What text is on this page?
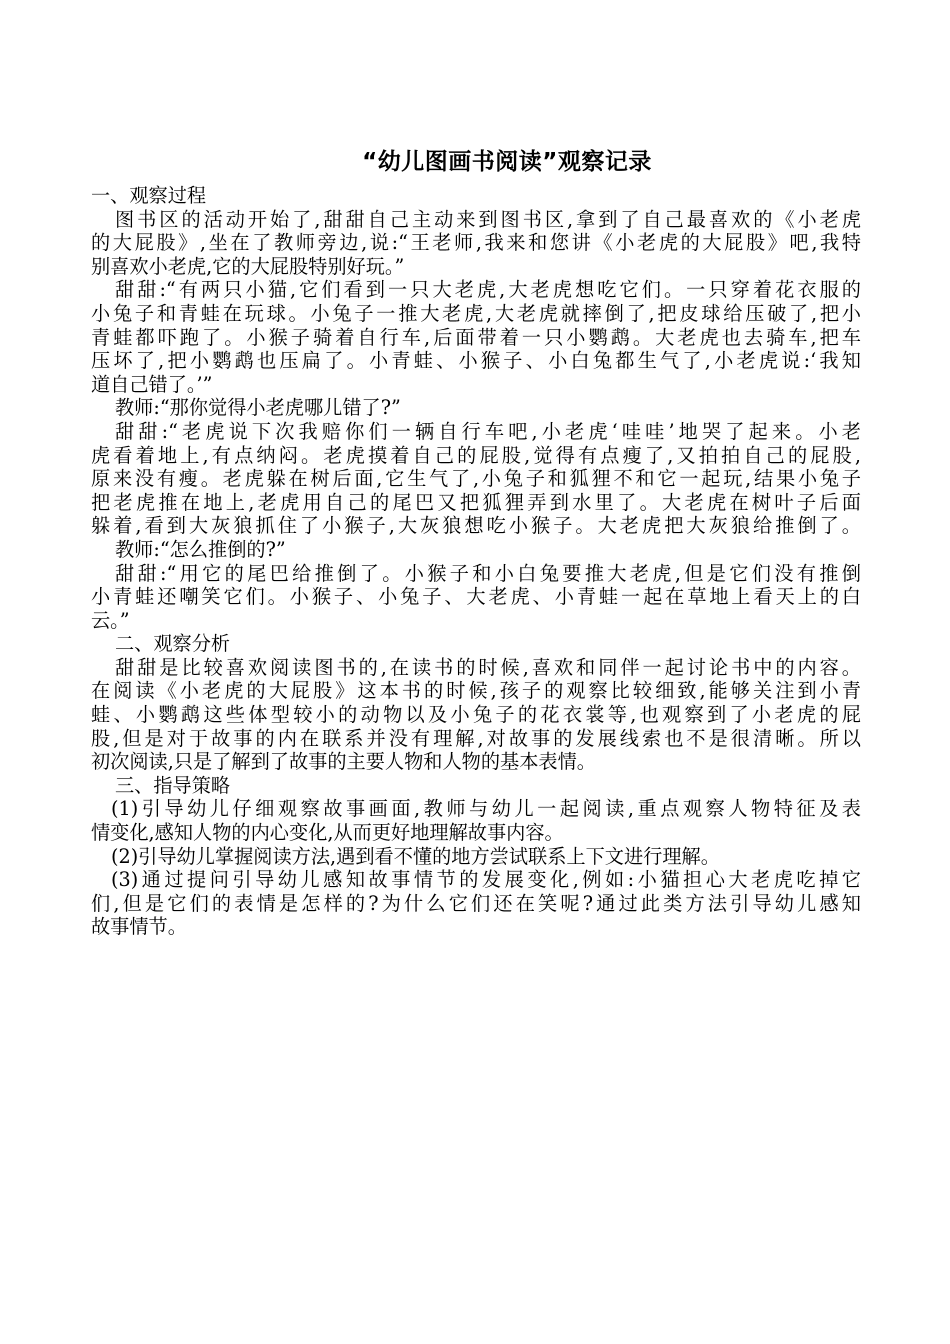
“幼儿图画书阅读”观察记录
一、观察过程
图书区的活动开始了,甜甜自己主动来到图书区,拿到了自己最喜欢的《小老虎
的大屁股》,坐在了教师旁边,说:“王老师,我来和您讲《小老虎的大屁股》吧,我特
别喜欢小老虎,它的大屁股特别好玩。”
甜甜:“有两只小猫,它们看到一只大老虎,大老虎想吃它们。一只穿着花衣服的
小兔子和青蛙在玩球。小兔子一推大老虎,大老虎就摔倒了,把皮球给压破了,把小
青蛙都吓跑了。小猴子骑着自行车,后面带着一只小鹦鹉。大老虎也去骑车,把车
压坏了,把小鹦鹉也压扁了。小青蛙、小猴子、小白兔都生气了,小老虎说:‘我知
道自己错了。’”
教师:“那你觉得小老虎哪儿错了?”
甜甜:“老虎说下次我赔你们一辆自行车吧,小老虎‘哇哇’地哭了起来。小老
虎看着地上,有点纳闷。老虎摸着自己的屁股,觉得有点瘦了,又拍拍自己的屁股,
原来没有瘦。老虎躲在树后面,它生气了,小兔子和狐狸不和它一起玩,结果小兔子
把老虎推在地上,老虎用自己的尾巴又把狐狸弄到水里了。大老虎在树叶子后面
躲着,看到大灰狼抓住了小猴子,大灰狼想吃小猴子。大老虎把大灰狼给推倒了。
教师:“怎么推倒的?”
甜甜:“用它的尾巴给推倒了。小猴子和小白兔要推大老虎,但是它们没有推倒
小青蛙还嘲笑它们。小猴子、小兔子、大老虎、小青蛙一起在草地上看天上的白
云。”
二、观察分析
甜甜是比较喜欢阅读图书的,在读书的时候,喜欢和同伴一起讨论书中的内容。
在阅读《小老虎的大屁股》这本书的时候,孩子的观察比较细致,能够关注到小青
蛙、小鹦鹉这些体型较小的动物以及小兔子的花衣裳等,也观察到了小老虎的屁
股,但是对于故事的内在联系并没有理解,对故事的发展线索也不是很清晰。所以
初次阅读,只是了解到了故事的主要人物和人物的基本表情。
三、指导策略
(1)引导幼儿仔细观察故事画面,教师与幼儿一起阅读,重点观察人物特征及表
情变化,感知人物的内心变化,从而更好地理解故事内容。
(2)引导幼儿掌握阅读方法,遇到看不懂的地方尝试联系上下文进行理解。
(3)通过提问引导幼儿感知故事情节的发展变化,例如:小猫担心大老虎吃掉它
们,但是它们的表情是怎样的?为什么它们还在笑呢?通过此类方法引导幼儿感知
故事情节。
